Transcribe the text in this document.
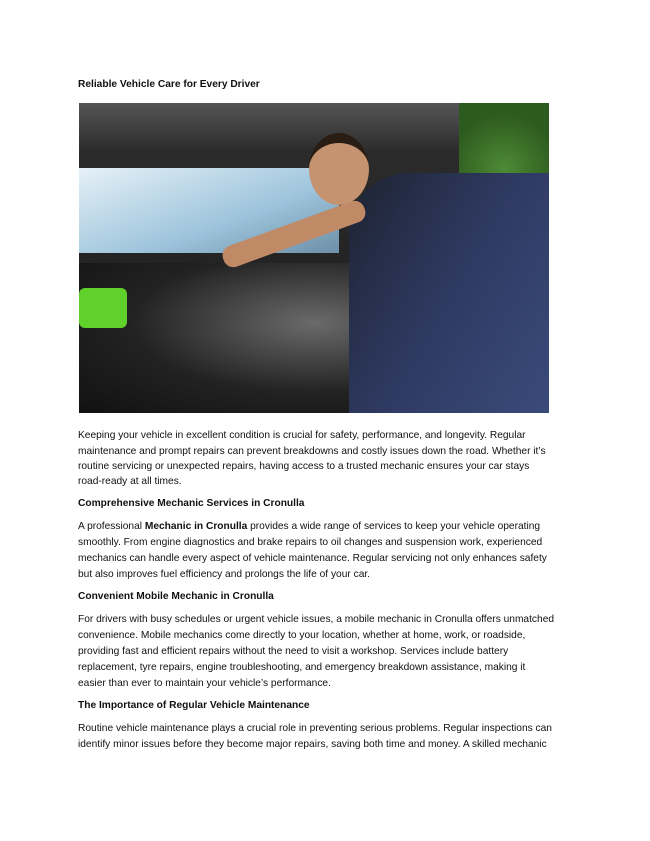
Reliable Vehicle Care for Every Driver
Keeping your vehicle in excellent condition is crucial for safety, performance, and longevity. Regular
maintenance and prompt repairs can prevent breakdowns and costly issues down the road. Whether it’s
routine servicing or unexpected repairs, having access to a trusted mechanic ensures your car stays
road-ready at all times.
Comprehensive Mechanic Services in Cronulla
A professional Mechanic in Cronulla provides a wide range of services to keep your vehicle operating
smoothly. From engine diagnostics and brake repairs to oil changes and suspension work, experienced
mechanics can handle every aspect of vehicle maintenance. Regular servicing not only enhances safety
but also improves fuel efficiency and prolongs the life of your car.
Convenient Mobile Mechanic in Cronulla
For drivers with busy schedules or urgent vehicle issues, a mobile mechanic in Cronulla offers unmatched
convenience. Mobile mechanics come directly to your location, whether at home, work, or roadside,
providing fast and efficient repairs without the need to visit a workshop. Services include battery
replacement, tyre repairs, engine troubleshooting, and emergency breakdown assistance, making it
easier than ever to maintain your vehicle’s performance.
The Importance of Regular Vehicle Maintenance
Routine vehicle maintenance plays a crucial role in preventing serious problems. Regular inspections can
identify minor issues before they become major repairs, saving both time and money. A skilled mechanic
